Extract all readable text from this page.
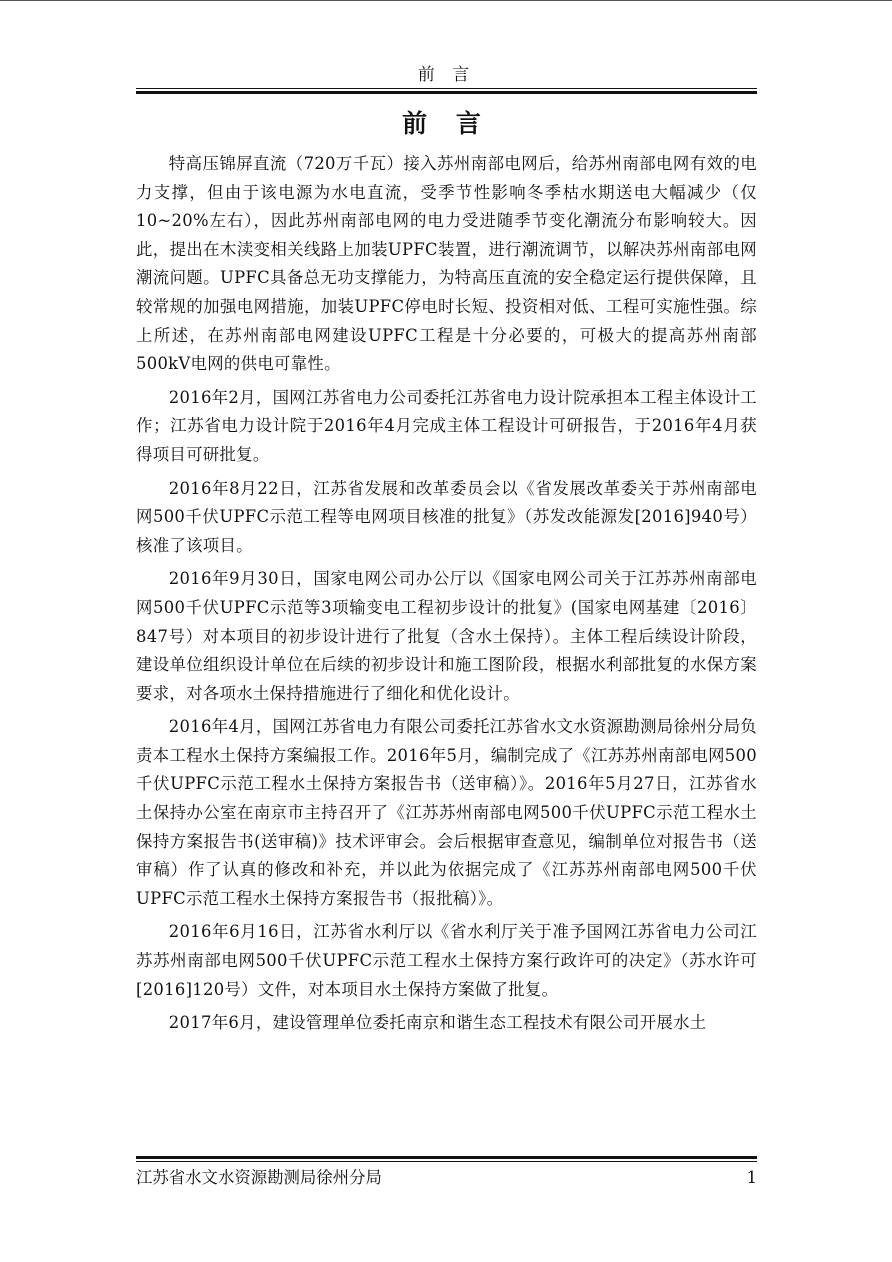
前 言
前 言

特高压锦屏直流（720万千瓦）接入苏州南部电网后，给苏州南部电网有效的电力支撑，但由于该电源为水电直流，受季节性影响冬季枯水期送电大幅减少（仅10~20%左右），因此苏州南部电网的电力受进随季节变化潮流分布影响较大。因此，提出在木渎变相关线路上加装UPFC装置，进行潮流调节，以解决苏州南部电网潮流问题。UPFC具备总无功支撑能力，为特高压直流的安全稳定运行提供保障，且较常规的加强电网措施，加装UPFC停电时长短、投资相对低、工程可实施性强。综上所述，在苏州南部电网建设UPFC工程是十分必要的，可极大的提高苏州南部500kV电网的供电可靠性。

2016年2月，国网江苏省电力公司委托江苏省电力设计院承担本工程主体设计工作；江苏省电力设计院于2016年4月完成主体工程设计可研报告，于2016年4月获得项目可研批复。

2016年8月22日，江苏省发展和改革委员会以《省发展改革委关于苏州南部电网500千伏UPFC示范工程等电网项目核准的批复》（苏发改能源发[2016]940号）核准了该项目。

2016年9月30日，国家电网公司办公厅以《国家电网公司关于江苏苏州南部电网500千伏UPFC示范等3项输变电工程初步设计的批复》(国家电网基建〔2016〕847号）对本项目的初步设计进行了批复（含水土保持）。主体工程后续设计阶段，建设单位组织设计单位在后续的初步设计和施工图阶段，根据水利部批复的水保方案要求，对各项水土保持措施进行了细化和优化设计。

2016年4月，国网江苏省电力有限公司委托江苏省水文水资源勘测局徐州分局负责本工程水土保持方案编报工作。2016年5月，编制完成了《江苏苏州南部电网500千伏UPFC示范工程水土保持方案报告书（送审稿）》。2016年5月27日，江苏省水土保持办公室在南京市主持召开了《江苏苏州南部电网500千伏UPFC示范工程水土保持方案报告书(送审稿)》技术评审会。会后根据审查意见，编制单位对报告书（送审稿）作了认真的修改和补充，并以此为依据完成了《江苏苏州南部电网500千伏UPFC示范工程水土保持方案报告书（报批稿）》。

2016年6月16日，江苏省水利厅以《省水利厅关于准予国网江苏省电力公司江苏苏州南部电网500千伏UPFC示范工程水土保持方案行政许可的决定》（苏水许可[2016]120号）文件，对本项目水土保持方案做了批复。

2017年6月，建设管理单位委托南京和谐生态工程技术有限公司开展水土

江苏省水文水资源勘测局徐州分局	1
